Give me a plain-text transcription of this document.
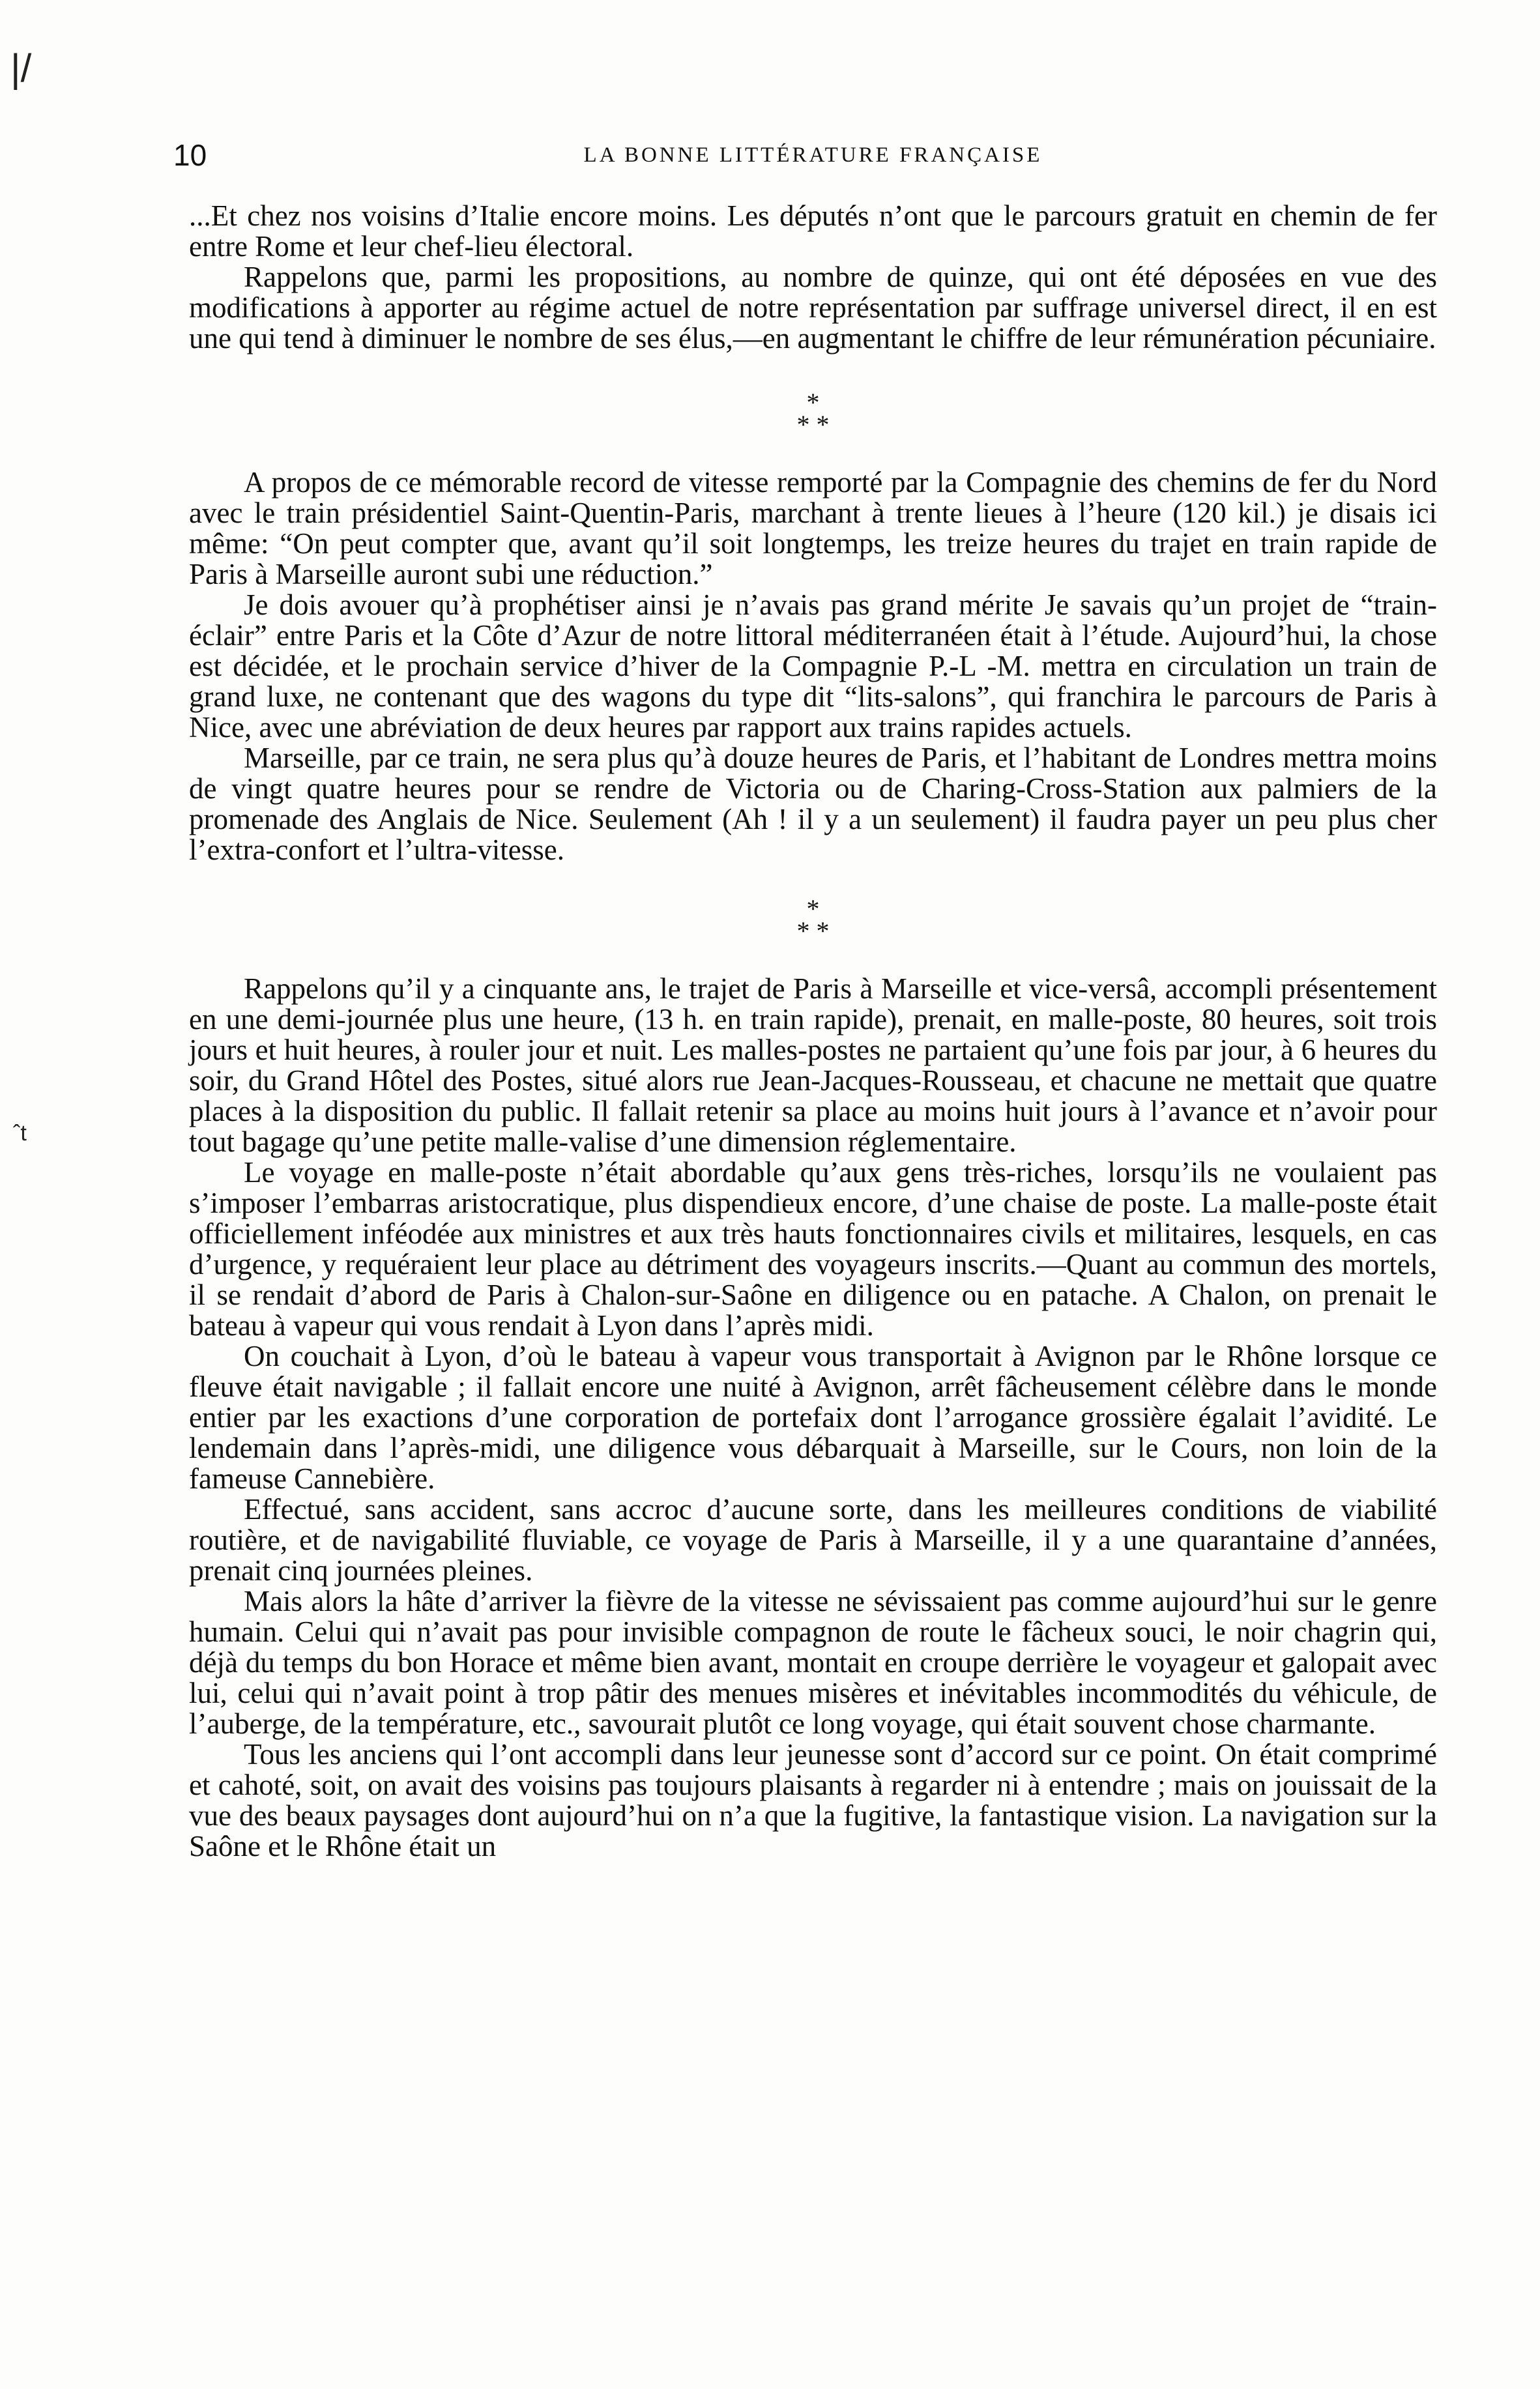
|/
ˆt
10	LA BONNE LITTÉRATURE FRANÇAISE

...Et chez nos voisins d’Italie encore moins. Les députés n’ont que le parcours gratuit en chemin de fer entre Rome et leur chef-lieu électoral.

Rappelons que, parmi les propositions, au nombre de quinze, qui ont été déposées en vue des modifications à apporter au régime actuel de notre représentation par suffrage universel direct, il en est une qui tend à diminuer le nombre de ses élus,—en augmentant le chiffre de leur rémunération pécuniaire.

*
* *

A propos de ce mémorable record de vitesse remporté par la Compagnie des chemins de fer du Nord avec le train présidentiel Saint-Quentin-Paris, marchant à trente lieues à l’heure (120 kil.) je disais ici même: “On peut compter que, avant qu’il soit longtemps, les treize heures du trajet en train rapide de Paris à Marseille auront subi une réduction.”

Je dois avouer qu’à prophétiser ainsi je n’avais pas grand mérite Je savais qu’un projet de “train-éclair” entre Paris et la Côte d’Azur de notre littoral méditerranéen était à l’étude. Aujourd’hui, la chose est décidée, et le prochain service d’hiver de la Compagnie P.-L -M. mettra en circulation un train de grand luxe, ne contenant que des wagons du type dit “lits-salons”, qui franchira le parcours de Paris à Nice, avec une abréviation de deux heures par rapport aux trains rapides actuels.

Marseille, par ce train, ne sera plus qu’à douze heures de Paris, et l’habitant de Londres mettra moins de vingt quatre heures pour se rendre de Victoria ou de Charing-Cross-Station aux palmiers de la promenade des Anglais de Nice. Seulement (Ah ! il y a un seulement) il faudra payer un peu plus cher l’extra-confort et l’ultra-vitesse.

*
* *

Rappelons qu’il y a cinquante ans, le trajet de Paris à Marseille et vice-versâ, accompli présentement en une demi-journée plus une heure, (13 h. en train rapide), prenait, en malle-poste, 80 heures, soit trois jours et huit heures, à rouler jour et nuit. Les malles-postes ne partaient qu’une fois par jour, à 6 heures du soir, du Grand Hôtel des Postes, situé alors rue Jean-Jacques-Rousseau, et chacune ne mettait que quatre places à la disposition du public. Il fallait retenir sa place au moins huit jours à l’avance et n’avoir pour tout bagage qu’une petite malle-valise d’une dimension réglementaire.

Le voyage en malle-poste n’était abordable qu’aux gens très-riches, lorsqu’ils ne voulaient pas s’imposer l’embarras aristocratique, plus dispendieux encore, d’une chaise de poste. La malle-poste était officiellement inféodée aux ministres et aux très hauts fonctionnaires civils et militaires, lesquels, en cas d’urgence, y requéraient leur place au détriment des voyageurs inscrits.—Quant au commun des mortels, il se rendait d’abord de Paris à Chalon-sur-Saône en diligence ou en patache. A Chalon, on prenait le bateau à vapeur qui vous rendait à Lyon dans l’après midi.

On couchait à Lyon, d’où le bateau à vapeur vous transportait à Avignon par le Rhône lorsque ce fleuve était navigable ; il fallait encore une nuité à Avignon, arrêt fâcheusement célèbre dans le monde entier par les exactions d’une corporation de portefaix dont l’arrogance grossière égalait l’avidité. Le lendemain dans l’après-midi, une diligence vous débarquait à Marseille, sur le Cours, non loin de la fameuse Cannebière.

Effectué, sans accident, sans accroc d’aucune sorte, dans les meilleures conditions de viabilité routière, et de navigabilité fluviable, ce voyage de Paris à Marseille, il y a une quarantaine d’années, prenait cinq journées pleines.

Mais alors la hâte d’arriver la fièvre de la vitesse ne sévissaient pas comme aujourd’hui sur le genre humain. Celui qui n’avait pas pour invisible compagnon de route le fâcheux souci, le noir chagrin qui, déjà du temps du bon Horace et même bien avant, montait en croupe derrière le voyageur et galopait avec lui, celui qui n’avait point à trop pâtir des menues misères et inévitables incommodités du véhicule, de l’auberge, de la température, etc., savourait plutôt ce long voyage, qui était souvent chose charmante.

Tous les anciens qui l’ont accompli dans leur jeunesse sont d’accord sur ce point. On était comprimé et cahoté, soit, on avait des voisins pas toujours plaisants à regarder ni à entendre ; mais on jouissait de la vue des beaux paysages dont aujourd’hui on n’a que la fugitive, la fantastique vision. La navigation sur la Saône et le Rhône était un
